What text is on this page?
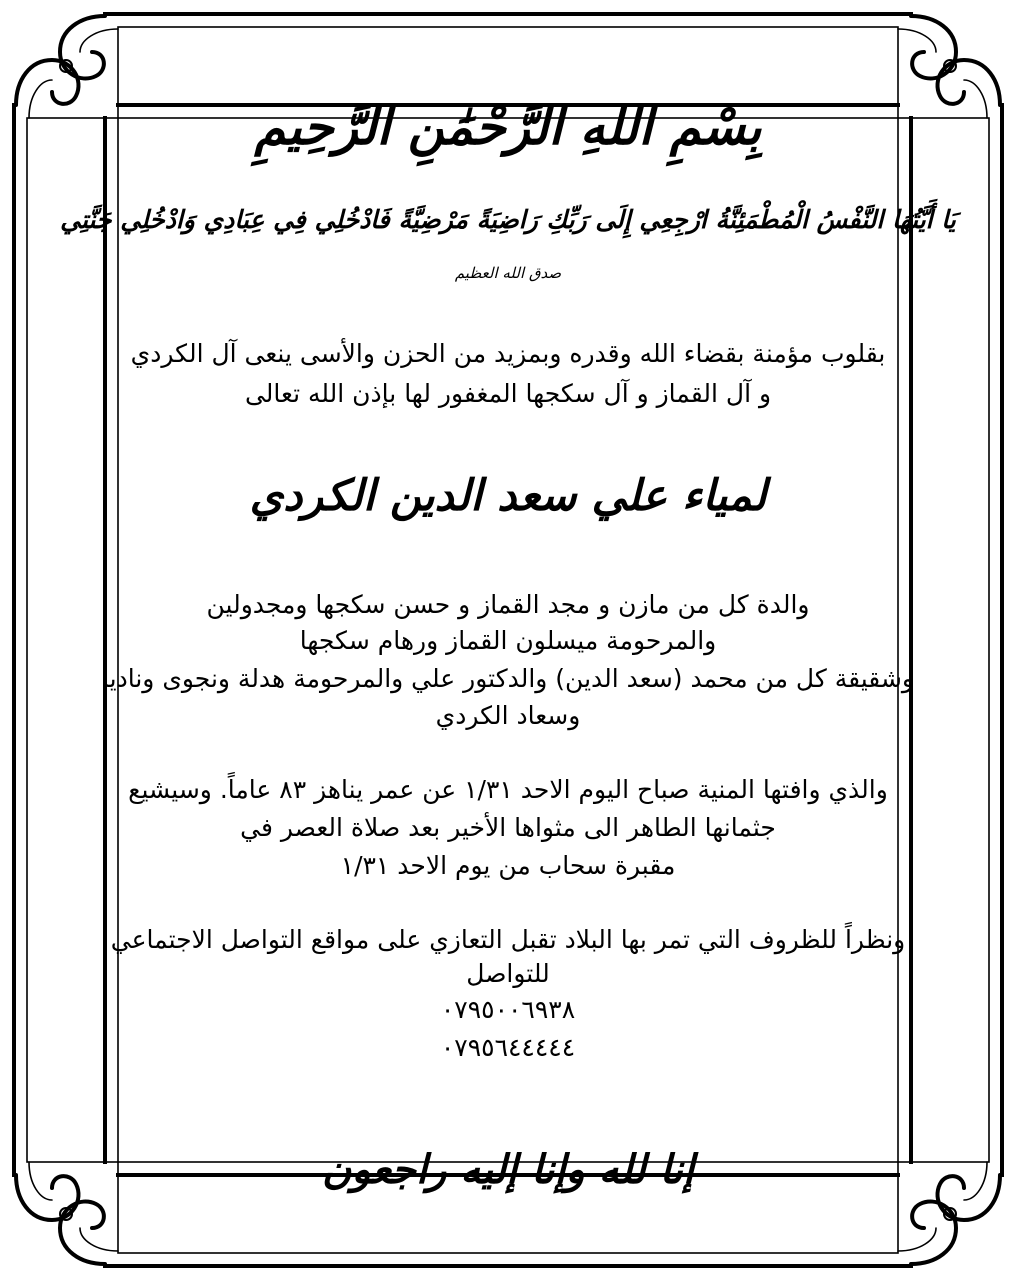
بِسْمِ اللهِ الرَّحْمَٰنِ الرَّحِيمِ
يَا أَيَّتُهَا النَّفْسُ الْمُطْمَئِنَّةُ ارْجِعِي إِلَى رَبِّكِ رَاضِيَةً مَرْضِيَّةً فَادْخُلِي فِي عِبَادِي وَادْخُلِي جَنَّتِي
صدق الله العظيم
بقلوب مؤمنة بقضاء الله وقدره وبمزيد من الحزن والأسى ينعى آل الكردي
و آل القماز و آل سكجها المغفور لها بإذن الله تعالى
لمياء علي سعد الدين الكردي
والدة كل من مازن و مجد القماز و حسن سكجها ومجدولين
والمرحومة ميسلون القماز ورهام سكجها
وشقيقة كل من محمد (سعد الدين) والدكتور علي والمرحومة هدلة ونجوى وناديا
وسعاد الكردي
والذي وافتها المنية صباح اليوم الاحد ١/٣١ عن عمر يناهز ٨٣ عاماً. وسيشيع
جثمانها الطاهر الى مثواها الأخير بعد صلاة العصر في
مقبرة سحاب من يوم الاحد ١/٣١
ونظراً للظروف التي تمر بها البلاد تقبل التعازي على مواقع التواصل الاجتماعي
للتواصل
٠٧٩٥٠٠٦٩٣٨
٠٧٩٥٦٤٤٤٤٤
إنا لله وإنا إليه راجعون
